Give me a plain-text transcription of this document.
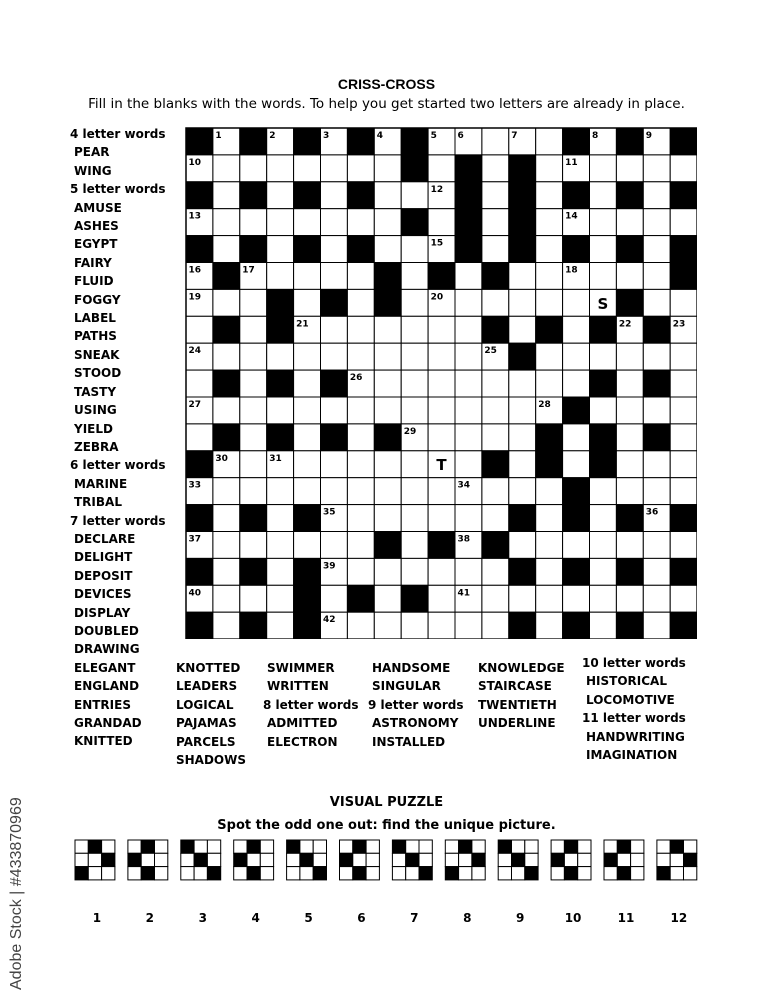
CRISS-CROSS
Fill in the blanks with the words. To help you get started two letters are already in place.
4 letter words
PEAR
WING
5 letter words
AMUSE
ASHES
EGYPT
FAIRY
FLUID
FOGGY
LABEL
PATHS
SNEAK
STOOD
TASTY
USING
YIELD
ZEBRA
6 letter words
MARINE
TRIBAL
7 letter words
DECLARE
DELIGHT
DEPOSIT
DEVICES
DISPLAY
DOUBLED
DRAWING
ELEGANT
ENGLAND
ENTRIES
GRANDAD
KNITTED
KNOTTED
LEADERS
LOGICAL
PAJAMAS
PARCELS
SHADOWS
SWIMMER
WRITTEN
8 letter words
ADMITTED
ELECTRON
HANDSOME
SINGULAR
9 letter words
ASTRONOMY
INSTALLED
KNOWLEDGE
STAIRCASE
TWENTIETH
UNDERLINE
10 letter words
HISTORICAL
LOCOMOTIVE
11 letter words
HANDWRITING
IMAGINATION
1	2	3	4	5 6	7	8	9
10	11
12
13	14
15
16	17	18
19	20
21	22	23
24	25
26
27	28
29
30	31	32
33	34
35	36
37	38
39
40	41
42
S
T
VISUAL PUZZLE
Spot the odd one out: find the unique picture.
1	2	3	4	5	6	7	8	9	10	11	12
Adobe Stock | #433870969
